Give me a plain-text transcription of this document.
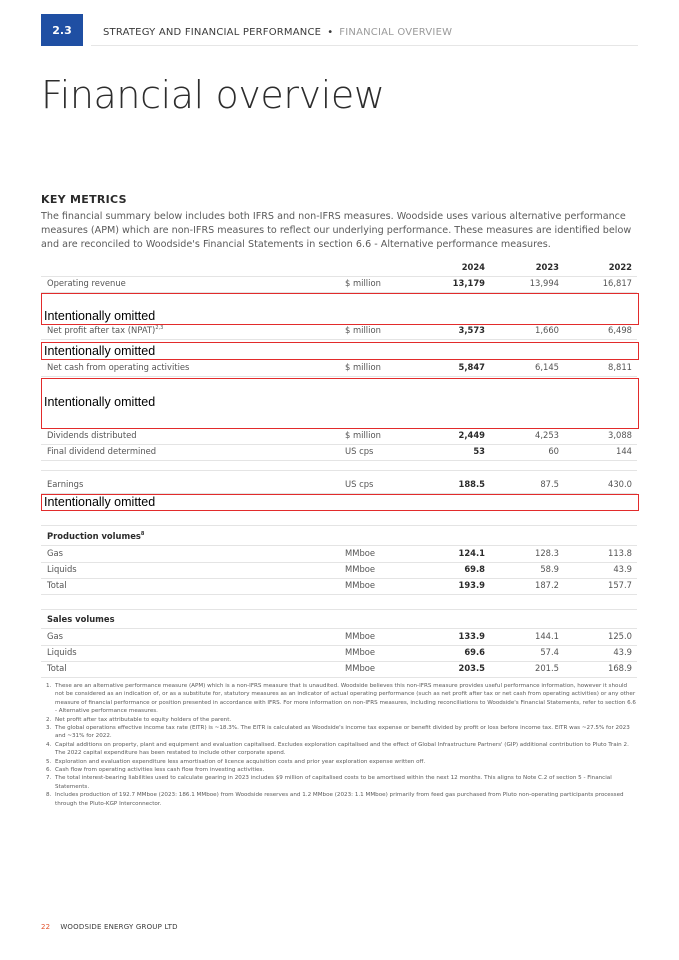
2.3	STRATEGY AND FINANCIAL PERFORMANCE • FINANCIAL OVERVIEW
Financial overview
KEY METRICS

The financial summary below includes both IFRS and non-IFRS measures. Woodside uses various alternative performance measures (APM) which are non-IFRS measures to reflect our underlying performance. These measures are identified below and are reconciled to Woodside's Financial Statements in section 6.6 - Alternative performance measures.

2024	2023	2022
Operating revenue	$ million	13,179	13,994	16,817
Net profit after tax (NPAT)$^{2,3}$	$ million	3,573	1,660	6,498
Net cash from operating activities	$ million	5,847	6,145	8,811
Dividends distributed	$ million	2,449	4,253	3,088
Final dividend determined	US cps	53	60	144
Earnings	US cps	188.5	87.5	430.0
Production volumes$^8$
Gas	MMboe	124.1	128.3	113.8
Liquids	MMboe	69.8	58.9	43.9
Total	MMboe	193.9	187.2	157.7
Sales volumes
Gas	MMboe	133.9	144.1	125.0
Liquids	MMboe	69.6	57.4	43.9
Total	MMboe	203.5	201.5	168.9
Intentionally omitted
Intentionally omitted
Intentionally omitted
Intentionally omitted
1. These are an alternative performance measure (APM) which is a non-IFRS measure that is unaudited. Woodside believes this non-IFRS measure provides useful performance information, however it should not be considered as an indication of, or as a substitute for, statutory measures as an indicator of actual operating performance (such as net profit after tax or net cash from operating activities) or any other measure of financial performance or position presented in accordance with IFRS. For more information on non-IFRS measures, including reconciliations to Woodside's Financial Statements, refer to section 6.6 - Alternative performance measures.
2. Net profit after tax attributable to equity holders of the parent.
3. The global operations effective income tax rate (EITR) is ~18.3%. The EITR is calculated as Woodside's income tax expense or benefit divided by profit or loss before income tax. EITR was ~27.5% for 2023 and ~31% for 2022.
4. Capital additions on property, plant and equipment and evaluation capitalised. Excludes exploration capitalised and the effect of Global Infrastructure Partners' (GIP) additional contribution to Pluto Train 2. The 2022 capital expenditure has been restated to include other corporate spend.
5. Exploration and evaluation expenditure less amortisation of licence acquisition costs and prior year exploration expense written off.
6. Cash flow from operating activities less cash flow from investing activities.
7. The total interest-bearing liabilities used to calculate gearing in 2023 includes $9 million of capitalised costs to be amortised within the next 12 months. This aligns to Note C.2 of section 5 - Financial Statements.
8. Includes production of 192.7 MMboe (2023: 186.1 MMboe) from Woodside reserves and 1.2 MMboe (2023: 1.1 MMboe) primarily from feed gas purchased from Pluto non-operating participants processed through the Pluto-KGP Interconnector.
22 WOODSIDE ENERGY GROUP LTD
